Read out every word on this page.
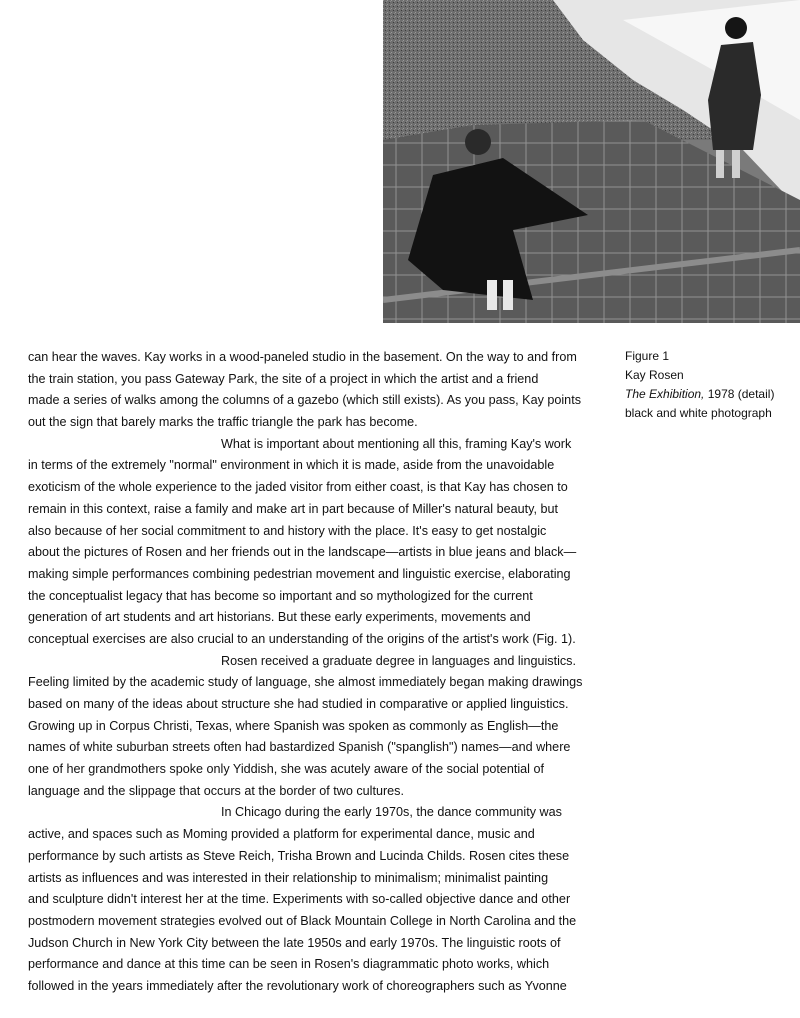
Figure 1
Kay Rosen
The Exhibition, 1978 (detail)
black and white photograph
can hear the waves. Kay works in a wood-paneled studio in the basement. On the way to and from
the train station, you pass Gateway Park, the site of a project in which the artist and a friend
made a series of walks among the columns of a gazebo (which still exists). As you pass, Kay points
out the sign that barely marks the traffic triangle the park has become.
What is important about mentioning all this, framing Kay's work
in terms of the extremely "normal" environment in which it is made, aside from the unavoidable
exoticism of the whole experience to the jaded visitor from either coast, is that Kay has chosen to
remain in this context, raise a family and make art in part because of Miller's natural beauty, but
also because of her social commitment to and history with the place. It's easy to get nostalgic
about the pictures of Rosen and her friends out in the landscape—artists in blue jeans and black—
making simple performances combining pedestrian movement and linguistic exercise, elaborating
the conceptualist legacy that has become so important and so mythologized for the current
generation of art students and art historians. But these early experiments, movements and
conceptual exercises are also crucial to an understanding of the origins of the artist's work (Fig. 1).
Rosen received a graduate degree in languages and linguistics.
Feeling limited by the academic study of language, she almost immediately began making drawings
based on many of the ideas about structure she had studied in comparative or applied linguistics.
Growing up in Corpus Christi, Texas, where Spanish was spoken as commonly as English—the
names of white suburban streets often had bastardized Spanish ("spanglish") names—and where
one of her grandmothers spoke only Yiddish, she was acutely aware of the social potential of
language and the slippage that occurs at the border of two cultures.
In Chicago during the early 1970s, the dance community was
active, and spaces such as Moming provided a platform for experimental dance, music and
performance by such artists as Steve Reich, Trisha Brown and Lucinda Childs. Rosen cites these
artists as influences and was interested in their relationship to minimalism; minimalist painting
and sculpture didn't interest her at the time. Experiments with so-called objective dance and other
postmodern movement strategies evolved out of Black Mountain College in North Carolina and the
Judson Church in New York City between the late 1950s and early 1970s. The linguistic roots of
performance and dance at this time can be seen in Rosen's diagrammatic photo works, which
followed in the years immediately after the revolutionary work of choreographers such as Yvonne
